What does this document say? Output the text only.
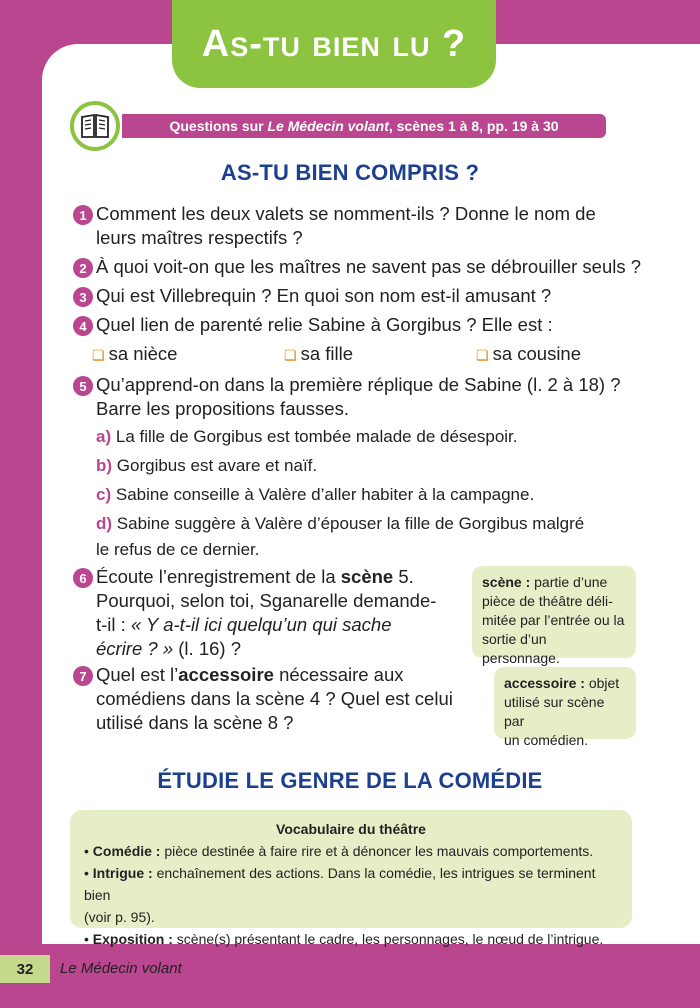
As-tu bien lu ?
Questions sur
Le Médecin volant , scènes 1 à 8, pp. 19 à 30
AS-TU BIEN COMPRIS ?
1 Comment les deux valets se nomment-ils ? Donne le nom de
leurs maîtres respectifs ?
2 À quoi voit-on que les maîtres ne savent pas se débrouiller seuls ?
3 Qui est Villebrequin ? En quoi son nom est-il amusant ?
4 Quel lien de parenté relie Sabine à Gorgibus ? Elle est :
❏ sa nièce	❏ sa fille	❏ sa cousine
5 Qu’apprend-on dans la première réplique de Sabine (l. 2 à 18) ?
Barre les propositions fausses.
a) La fille de Gorgibus est tombée malade de désespoir.
b) Gorgibus est avare et naïf.
c) Sabine conseille à Valère d’aller habiter à la campagne.
d) Sabine suggère à Valère d’épouser la fille de Gorgibus malgré
le refus de ce dernier.
6 Écoute l’enregistrement de la scène 5.
Pourquoi, selon toi, Sganarelle demande-
t-il : « Y a-t-il ici quelqu’un qui sache
écrire ? » (l. 16) ?
scène : partie d’une
pièce de théâtre déli-
mitée par l’entrée ou la
sortie d’un personnage.
7 Quel est l’accessoire nécessaire aux
comédiens dans la scène 4 ? Quel est celui
utilisé dans la scène 8 ?
accessoire : objet
utilisé sur scène par
un comédien.
ÉTUDIE LE GENRE DE LA COMÉDIE
Vocabulaire du théâtre
• Comédie : pièce destinée à faire rire et à dénoncer les mauvais comportements.
• Intrigue : enchaînement des actions. Dans la comédie, les intrigues se terminent bien
(voir p. 95).
• Exposition : scène(s) présentant le cadre, les personnages, le nœud de l’intrigue.
32	Le Médecin volant
